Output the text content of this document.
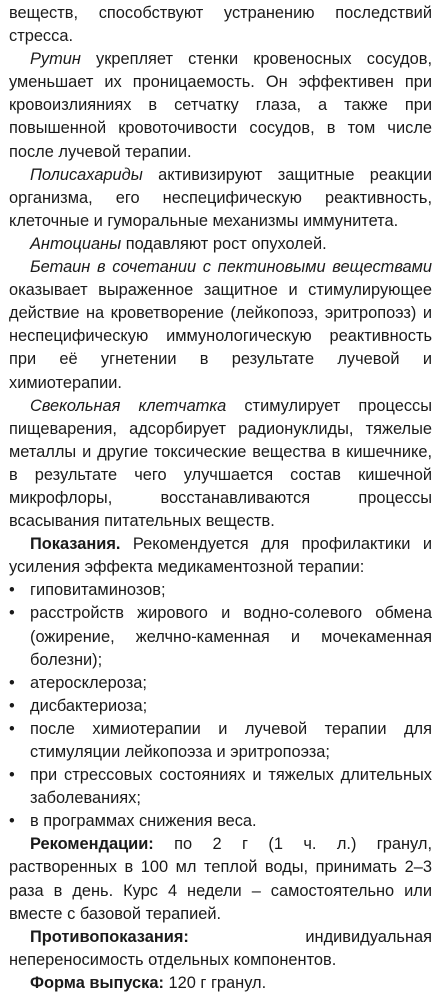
веществ, способствуют устранению последствий стресса.

Рутин укрепляет стенки кровеносных сосудов, уменьшает их проницаемость. Он эффективен при кровоизлияниях в сетчатку глаза, а также при повышенной кровоточивости сосудов, в том числе после лучевой терапии.

Полисахариды активизируют защитные реакции организма, его неспецифическую реактивность, клеточные и гуморальные механизмы иммунитета.

Антоцианы подавляют рост опухолей.

Бетаин в сочетании с пектиновыми веществами оказывает выраженное защитное и стимулирующее действие на кроветворение (лейкопоэз, эритропоэз) и неспецифическую иммунологическую реактивность при её угнетении в результате лучевой и химиотерапии.

Свекольная клетчатка стимулирует процессы пищеварения, адсорбирует радионуклиды, тяжелые металлы и другие токсические вещества в кишечнике, в результате чего улучшается состав кишечной микрофлоры, восстанавливаются процессы всасывания питательных веществ.

Показания. Рекомендуется для профилактики и усиления эффекта медикаментозной терапии:

• гиповитаминозов;
• расстройств жирового и водно-солевого обмена (ожирение, желчно-каменная и мочекаменная болезни);
• атеросклероза;
• дисбактериоза;
• после химиотерапии и лучевой терапии для стимуляции лейкопоэза и эритропоэза;
• при стрессовых состояниях и тяжелых длительных заболеваниях;
• в программах снижения веса.

Рекомендации: по 2 г (1 ч. л.) гранул, растворенных в 100 мл теплой воды, принимать 2–3 раза в день. Курс 4 недели – самостоятельно или вместе с базовой терапией.

Противопоказания: индивидуальная непереносимость отдельных компонентов.

Форма выпуска: 120 г гранул.
